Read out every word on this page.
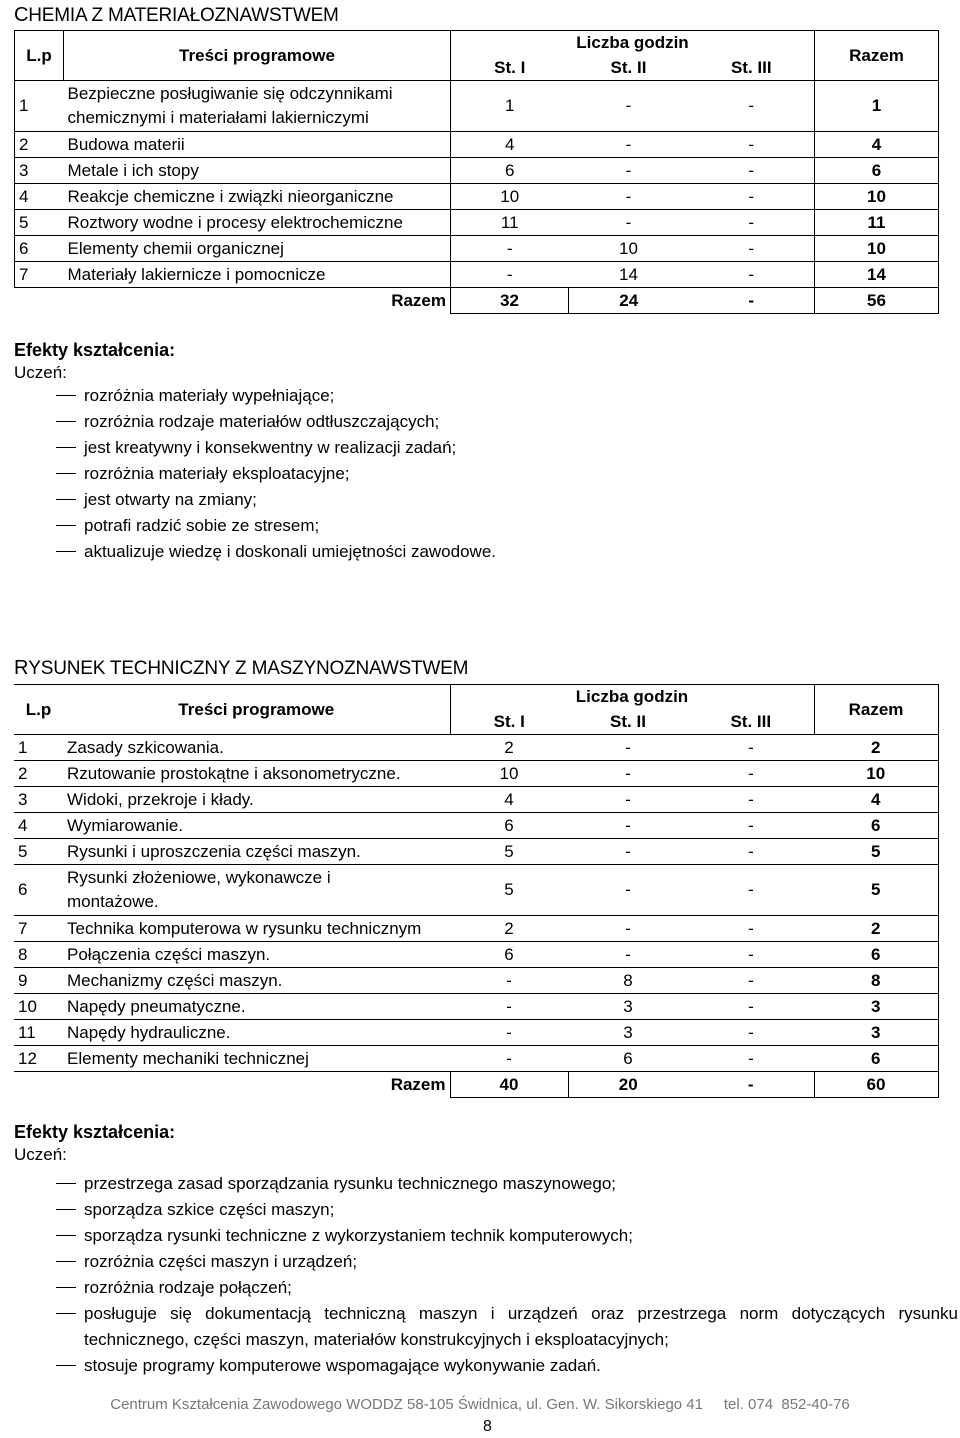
CHEMIA Z MATERIAŁOZNAWSTWEM
L.p	Treści programowe	Liczba godzin			Razem
		St. I	St. II	St. III	
1	Bezpieczne posługiwanie się odczynnikami
chemicznymi i materiałami lakierniczymi	1	-	-	1
2	Budowa materii	4	-	-	4
3	Metale i ich stopy	6	-	-	6
4	Reakcje chemiczne i związki nieorganiczne	10	-	-	10
5	Roztwory wodne i procesy elektrochemiczne	11	-	-	11
6	Elementy chemii organicznej	-	10	-	10
7	Materiały lakiernicze i pomocnicze	-	14	-	14
	Razem	32	24	-	56
Efekty kształcenia:
Uczeń:
rozróżnia materiały wypełniające;
rozróżnia rodzaje materiałów odtłuszczających;
jest kreatywny i konsekwentny w realizacji zadań;
rozróżnia materiały eksploatacyjne;
jest otwarty na zmiany;
potrafi radzić sobie ze stresem;
aktualizuje wiedzę i doskonali umiejętności zawodowe.
RYSUNEK TECHNICZNY Z MASZYNOZNAWSTWEM
L.p	Treści programowe	Liczba godzin			Razem
		St. I	St. II	St. III	
1	Zasady szkicowania.	2	-	-	2
2	Rzutowanie prostokątne i aksonometryczne.	10	-	-	10
3	Widoki, przekroje i kłady.	4	-	-	4
4	Wymiarowanie.	6	-	-	6
5	Rysunki i uproszczenia części maszyn.	5	-	-	5
6	Rysunki złożeniowe, wykonawcze i
montażowe.	5	-	-	5
7	Technika komputerowa w rysunku technicznym	2	-	-	2
8	Połączenia części maszyn.	6	-	-	6
9	Mechanizmy części maszyn.	-	8	-	8
10	Napędy pneumatyczne.	-	3	-	3
11	Napędy hydrauliczne.	-	3	-	3
12	Elementy mechaniki technicznej	-	6	-	6
	Razem	40	20	-	60
Efekty kształcenia:
Uczeń:
przestrzega zasad sporządzania rysunku technicznego maszynowego;
sporządza szkice części maszyn;
sporządza rysunki techniczne z wykorzystaniem technik komputerowych;
rozróżnia części maszyn i urządzeń;
rozróżnia rodzaje połączeń;
posługuje się dokumentacją techniczną maszyn i urządzeń oraz przestrzega norm dotyczących rysunku technicznego, części maszyn, materiałów konstrukcyjnych i eksploatacyjnych;
stosuje programy komputerowe wspomagające wykonywanie zadań.
Centrum Kształcenia Zawodowego WODDZ 58-105 Świdnica, ul. Gen. W. Sikorskiego 41     tel. 074  852-40-76
8
